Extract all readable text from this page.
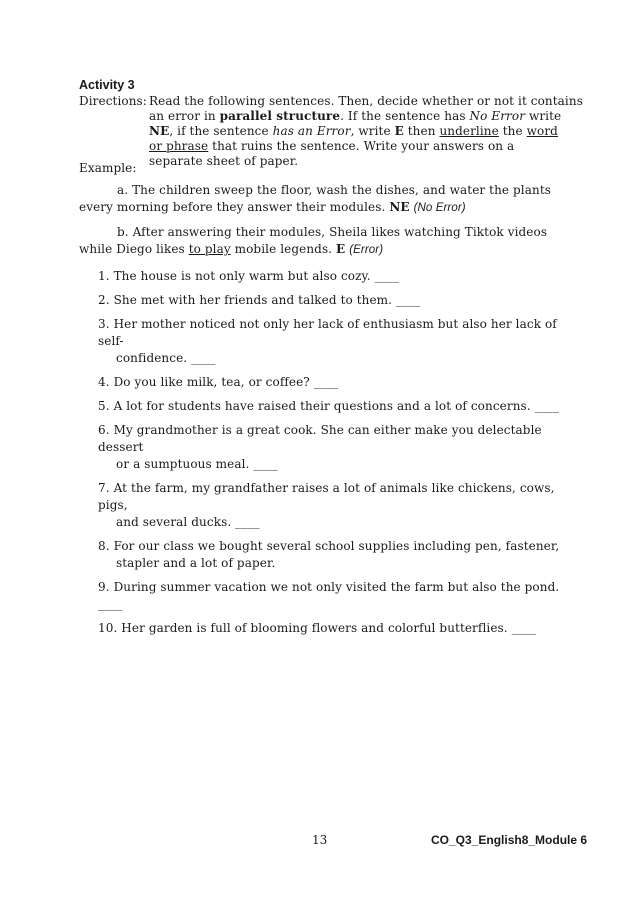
Activity 3
Directions: Read the following sentences. Then, decide whether or not it contains
an error in parallel structure. If the sentence has No Error write NE, if the sentence has an Error, write E then underline the word or phrase that ruins the sentence. Write your answers on a separate sheet of paper.
Example:
a. The children sweep the floor, wash the dishes, and water the plants every morning before they answer their modules. NE (No Error)
b. After answering their modules, Sheila likes watching Tiktok videos while Diego likes to play mobile legends. E (Error)
1. The house is not only warm but also cozy. ____
2. She met with her friends and talked to them. ____
3. Her mother noticed not only her lack of enthusiasm but also her lack of self-
confidence. ____
4. Do you like milk, tea, or coffee? ____
5. A lot for students have raised their questions and a lot of concerns. ____
6. My grandmother is a great cook. She can either make you delectable dessert
or a sumptuous meal. ____
7. At the farm, my grandfather raises a lot of animals like chickens, cows, pigs,
and several ducks. ____
8. For our class we bought several school supplies including pen, fastener,
stapler and a lot of paper.
9. During summer vacation we not only visited the farm but also the pond. ____
10. Her garden is full of blooming flowers and colorful butterflies. ____
13	CO_Q3_English8_Module 6
